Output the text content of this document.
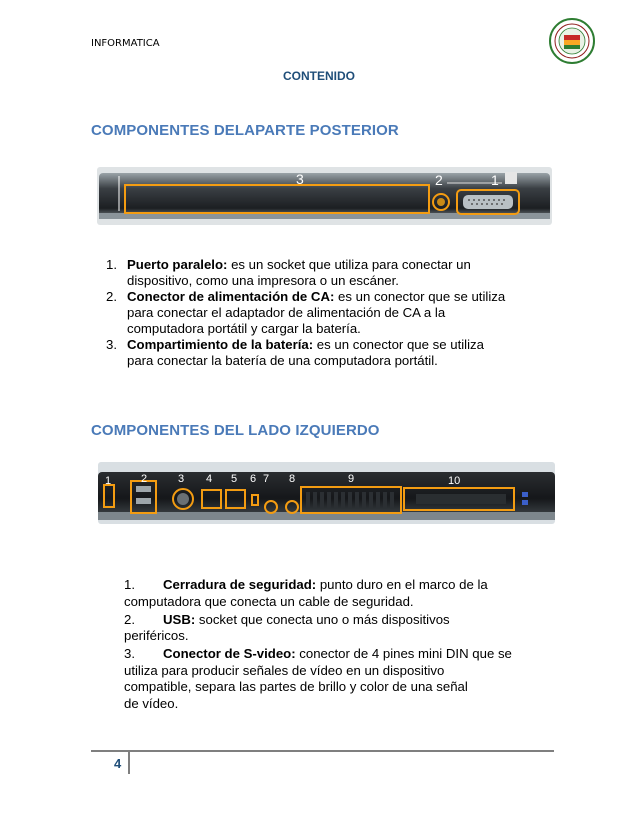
INFORMATICA
CONTENIDO
COMPONENTES DELAPARTE POSTERIOR
3	2	1
1. Puerto paralelo: es un socket que utiliza para conectar un
dispositivo, como una impresora o un escáner.
2. Conector de alimentación de CA: es un conector que se utiliza
para conectar el adaptador de alimentación de CA a la
computadora portátil y cargar la batería.
3. Compartimiento de la batería: es un conector que se utiliza
para conectar la batería de una computadora portátil.
COMPONENTES DEL LADO IZQUIERDO
1	2	3 4 5 6 7 8	9	10
1. Cerradura de seguridad: punto duro en el marco de la
computadora que conecta un cable de seguridad.
2. USB: socket que conecta uno o más dispositivos
periféricos.
3. Conector de S-video: conector de 4 pines mini DIN que se
utiliza para producir señales de vídeo en un dispositivo
compatible, separa las partes de brillo y color de una señal
de vídeo.
4
